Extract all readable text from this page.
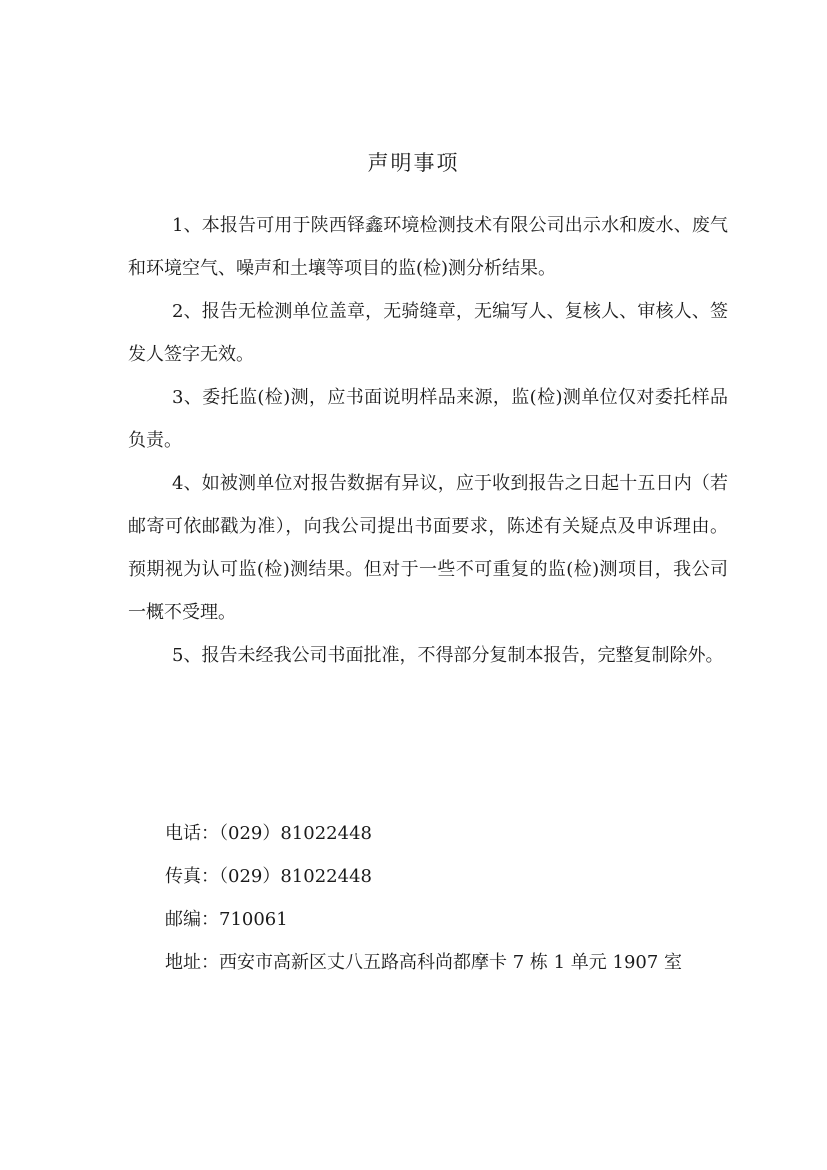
声明事项

1、本报告可用于陕西铎鑫环境检测技术有限公司出示水和废水、废气和环境空气、噪声和土壤等项目的监(检)测分析结果。

2、报告无检测单位盖章，无骑缝章，无编写人、复核人、审核人、签发人签字无效。

3、委托监(检)测，应书面说明样品来源，监(检)测单位仅对委托样品负责。

4、如被测单位对报告数据有异议，应于收到报告之日起十五日内（若邮寄可依邮戳为准），向我公司提出书面要求，陈述有关疑点及申诉理由。预期视为认可监(检)测结果。但对于一些不可重复的监(检)测项目，我公司一概不受理。

5、报告未经我公司书面批准，不得部分复制本报告，完整复制除外。

电话：（029）81022448
传真：（029）81022448
邮编：710061
地址：西安市高新区丈八五路高科尚都摩卡 7 栋 1 单元 1907 室
